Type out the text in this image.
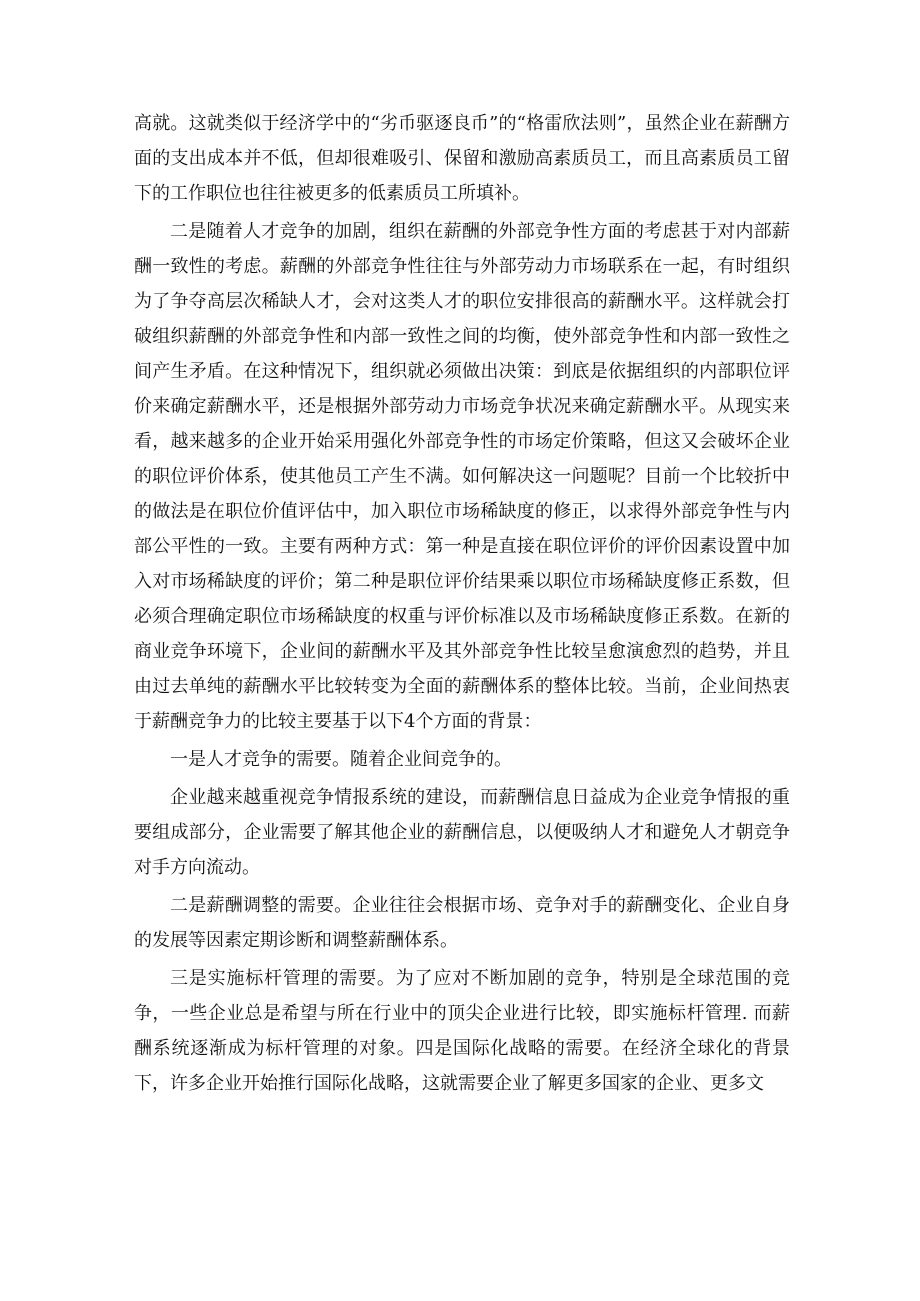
高就。这就类似于经济学中的“劣币驱逐良币”的“格雷欣法则”，虽然企业在薪酬方面的支出成本并不低，但却很难吸引、保留和激励高素质员工，而且高素质员工留下的工作职位也往往被更多的低素质员工所填补。

二是随着人才竞争的加剧，组织在薪酬的外部竞争性方面的考虑甚于对内部薪酬一致性的考虑。薪酬的外部竞争性往往与外部劳动力市场联系在一起，有时组织为了争夺高层次稀缺人才，会对这类人才的职位安排很高的薪酬水平。这样就会打破组织薪酬的外部竞争性和内部一致性之间的均衡，使外部竞争性和内部一致性之间产生矛盾。在这种情况下，组织就必须做出决策：到底是依据组织的内部职位评价来确定薪酬水平，还是根据外部劳动力市场竞争状况来确定薪酬水平。从现实来看，越来越多的企业开始采用强化外部竞争性的市场定价策略，但这又会破坏企业的职位评价体系，使其他员工产生不满。如何解决这一问题呢？目前一个比较折中的做法是在职位价值评估中，加入职位市场稀缺度的修正，以求得外部竞争性与内部公平性的一致。主要有两种方式：第一种是直接在职位评价的评价因素设置中加入对市场稀缺度的评价；第二种是职位评价结果乘以职位市场稀缺度修正系数，但必须合理确定职位市场稀缺度的权重与评价标准以及市场稀缺度修正系数。在新的商业竞争环境下，企业间的薪酬水平及其外部竞争性比较呈愈演愈烈的趋势，并且由过去单纯的薪酬水平比较转变为全面的薪酬体系的整体比较。当前，企业间热衷于薪酬竞争力的比较主要基于以下4个方面的背景：

一是人才竞争的需要。随着企业间竞争的。

企业越来越重视竞争情报系统的建设，而薪酬信息日益成为企业竞争情报的重要组成部分，企业需要了解其他企业的薪酬信息，以便吸纳人才和避免人才朝竞争对手方向流动。

二是薪酬调整的需要。企业往往会根据市场、竞争对手的薪酬变化、企业自身的发展等因素定期诊断和调整薪酬体系。

三是实施标杆管理的需要。为了应对不断加剧的竞争，特别是全球范围的竞争，一些企业总是希望与所在行业中的顶尖企业进行比较，即实施标杆管理. 而薪酬系统逐渐成为标杆管理的对象。四是国际化战略的需要。在经济全球化的背景下，许多企业开始推行国际化战略，这就需要企业了解更多国家的企业、更多文
